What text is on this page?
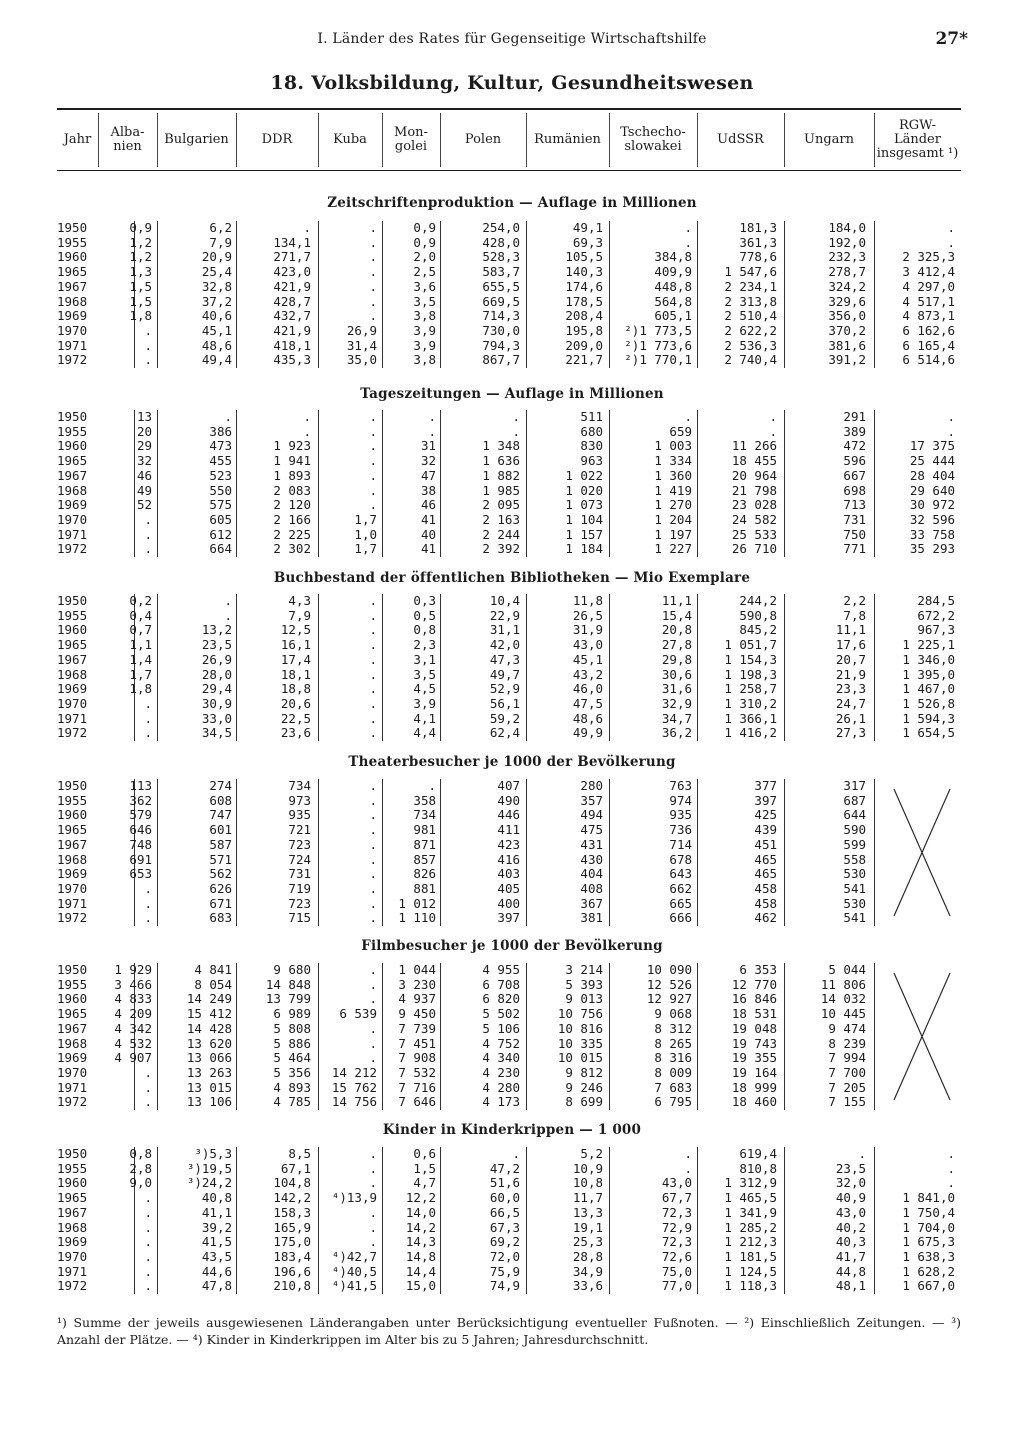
I. Länder des Rates für Gegenseitige Wirtschaftshilfe	27*
18. Volksbildung, Kultur, Gesundheitswesen
Jahr	Alba-
nien	Bulgarien	DDR	Kuba	Mon-
golei	Polen	Rumänien	Tschecho-
slowakei	UdSSR	Ungarn
RGW-
Länder
insgesamt ¹)
Zeitschriftenproduktion — Auflage in Millionen
1950	0,9	6,2	.	.	0,9	254,0	49,1	.	181,3	184,0	.
1955	1,2	7,9	134,1	.	0,9	428,0	69,3	.	361,3	192,0	.
1960	1,2	20,9	271,7	.	2,0	528,3	105,5	384,8	778,6	232,3	2 325,3
1965	1,3	25,4	423,0	.	2,5	583,7	140,3	409,9	1 547,6	278,7	3 412,4
1967	1,5	32,8	421,9	.	3,6	655,5	174,6	448,8	2 234,1	324,2	4 297,0
1968	1,5	37,2	428,7	.	3,5	669,5	178,5	564,8	2 313,8	329,6	4 517,1
1969	1,8	40,6	432,7	.	3,8	714,3	208,4	605,1	2 510,4	356,0	4 873,1
1970	.	45,1	421,9	26,9	3,9	730,0	195,8	²)1 773,5	2 622,2	370,2	6 162,6
1971	.	48,6	418,1	31,4	3,9	794,3	209,0	²)1 773,6	2 536,3	381,6	6 165,4
1972	.	49,4	435,3	35,0	3,8	867,7	221,7	²)1 770,1	2 740,4	391,2	6 514,6
Tageszeitungen — Auflage in Millionen
1950	13	.	.	.	.	.	511	.	.	291	.
1955	20	386	.	.	.	.	680	659	.	389	.
1960	29	473	1 923	.	31	1 348	830	1 003	11 266	472	17 375
1965	32	455	1 941	.	32	1 636	963	1 334	18 455	596	25 444
1967	46	523	1 893	.	47	1 882	1 022	1 360	20 964	667	28 404
1968	49	550	2 083	.	38	1 985	1 020	1 419	21 798	698	29 640
1969	52	575	2 120	.	46	2 095	1 073	1 270	23 028	713	30 972
1970	.	605	2 166	1,7	41	2 163	1 104	1 204	24 582	731	32 596
1971	.	612	2 225	1,0	40	2 244	1 157	1 197	25 533	750	33 758
1972	.	664	2 302	1,7	41	2 392	1 184	1 227	26 710	771	35 293
Buchbestand der öffentlichen Bibliotheken — Mio Exemplare
1950	0,2	.	4,3	.	0,3	10,4	11,8	11,1	244,2	2,2	284,5
1955	0,4	.	7,9	.	0,5	22,9	26,5	15,4	590,8	7,8	672,2
1960	0,7	13,2	12,5	.	0,8	31,1	31,9	20,8	845,2	11,1	967,3
1965	1,1	23,5	16,1	.	2,3	42,0	43,0	27,8	1 051,7	17,6	1 225,1
1967	1,4	26,9	17,4	.	3,1	47,3	45,1	29,8	1 154,3	20,7	1 346,0
1968	1,7	28,0	18,1	.	3,5	49,7	43,2	30,6	1 198,3	21,9	1 395,0
1969	1,8	29,4	18,8	.	4,5	52,9	46,0	31,6	1 258,7	23,3	1 467,0
1970	.	30,9	20,6	.	3,9	56,1	47,5	32,9	1 310,2	24,7	1 526,8
1971	.	33,0	22,5	.	4,1	59,2	48,6	34,7	1 366,1	26,1	1 594,3
1972	.	34,5	23,6	.	4,4	62,4	49,9	36,2	1 416,2	27,3	1 654,5
Theaterbesucher je 1000 der Bevölkerung
1950	113	274	734	.	.	407	280	763	377	317
1955	362	608	973	.	358	490	357	974	397	687
1960	579	747	935	.	734	446	494	935	425	644
1965	646	601	721	.	981	411	475	736	439	590
1967	748	587	723	.	871	423	431	714	451	599
1968	691	571	724	.	857	416	430	678	465	558
1969	653	562	731	.	826	403	404	643	465	530
1970	.	626	719	.	881	405	408	662	458	541
1971	.	671	723	.	1 012	400	367	665	458	530
1972	.	683	715	.	1 110	397	381	666	462	541
Filmbesucher je 1000 der Bevölkerung
1950	1 929	4 841	9 680	.	1 044	4 955	3 214	10 090	6 353	5 044
1955	3 466	8 054	14 848	.	3 230	6 708	5 393	12 526	12 770	11 806
1960	4 833	14 249	13 799	.	4 937	6 820	9 013	12 927	16 846	14 032
1965	4 209	15 412	6 989	6 539	9 450	5 502	10 756	9 068	18 531	10 445
1967	4 342	14 428	5 808	.	7 739	5 106	10 816	8 312	19 048	9 474
1968	4 532	13 620	5 886	.	7 451	4 752	10 335	8 265	19 743	8 239
1969	4 907	13 066	5 464	.	7 908	4 340	10 015	8 316	19 355	7 994
1970	.	13 263	5 356	14 212	7 532	4 230	9 812	8 009	19 164	7 700
1971	.	13 015	4 893	15 762	7 716	4 280	9 246	7 683	18 999	7 205
1972	.	13 106	4 785	14 756	7 646	4 173	8 699	6 795	18 460	7 155
Kinder in Kinderkrippen — 1 000
1950	0,8	³)5,3	8,5	.	0,6	.	5,2	.	619,4	.	.
1955	2,8	³)19,5	67,1	.	1,5	47,2	10,9	.	810,8	23,5	.
1960	9,0	³)24,2	104,8	.	4,7	51,6	10,8	43,0	1 312,9	32,0	.
1965	.	40,8	142,2	⁴)13,9	12,2	60,0	11,7	67,7	1 465,5	40,9	1 841,0
1967	.	41,1	158,3	.	14,0	66,5	13,3	72,3	1 341,9	43,0	1 750,4
1968	.	39,2	165,9	.	14,2	67,3	19,1	72,9	1 285,2	40,2	1 704,0
1969	.	41,5	175,0	.	14,3	69,2	25,3	72,3	1 212,3	40,3	1 675,3
1970	.	43,5	183,4	⁴)42,7	14,8	72,0	28,8	72,6	1 181,5	41,7	1 638,3
1971	.	44,6	196,6	⁴)40,5	14,4	75,9	34,9	75,0	1 124,5	44,8	1 628,2
1972	.	47,8	210,8	⁴)41,5	15,0	74,9	33,6	77,0	1 118,3	48,1	1 667,0
¹) Summe der jeweils ausgewiesenen Länderangaben unter Berücksichtigung eventueller Fußnoten. — ²) Einschließlich Zeitungen. — ³) Anzahl der Plätze. — ⁴) Kinder in Kinderkrippen im Alter bis zu 5 Jahren; Jahresdurchschnitt.
